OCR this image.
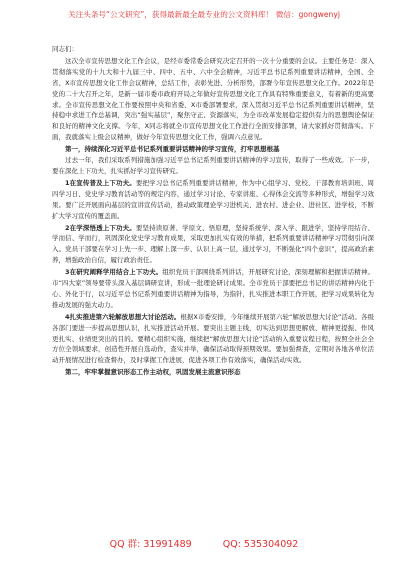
关注头条号“公文研究”，获得最新最全最专业的公文资料库！ 微信：gongwenyj

同志们：

这次全市宣传思想文化工作会议，是经市委常委会研究决定召开的一次十分重要的会议。主要任务是：深入贯彻落实党的十九大和十九届三中、四中、五中、六中全会精神，习近平总书记系列重要讲话精神，全国、全省、X市宣传思想文化工作会议精神，总结工作，表彰先进、分析形势，部署今年宣传思想文化工作。2022年是党的二十大召开之年，是新一届市委市政府开局之年做好宣传思想文化工作具有特殊重要意义，有着新的更高要求。全市宣传思想文化工作要按照中央和省委、X市委部署要求，深入贯彻习近平总书记系列重要讲话精神，坚持稳中求进工作总基调，突出“强实基层”，聚焦守正、资源落实，为全市改革发展稳定提供有力的思想舆论保证和良好的精神文化支撑。今年，X同志将就全市宣传思想文化工作进行全面安排部署，请大家抓好贯彻落实。下面，我就落实上级会议精神，做好今年宣传思想文化工作，强调六点意见。

第一，持续深化习近平总书记系列重要讲话精神的学习宣传，打牢思想根基

过去一年，我们采取系列措施加强习近平总书记系列重要讲话精神的学习宣传，取得了一些成效。下一步，要在深化上下功夫，扎实抓好学习宣传研究。

1在宣传普及上下功夫。要把学习总书记系列重要讲话精神，作为中心组学习、党校、干部教育培训班、周四学习日、党史学习教育活动等的规定内容，通过学习讨论、专家讲座、心得体会交流等多种形式，增强学习效果。要广泛开展面向基层的宣讲宣传活动，推动政策理论学习进机关、进农村、进企业、进社区、进学校，不断扩大学习宣传的覆盖面。

2在学深悟透上下功夫。要坚持读原著、学原文、悟原理，坚持系统学、深入学、跟进学，坚持学用结合、学而信、学而行，巩固深化党史学习教育成果，采取更加扎实有效的举措，把系列重要讲话精神学习贯彻引向深入。党员干部要在学习上先一步、理解上深一步、认识上高一层，通过学习，不断强化“四个意识”，提高政治素养，增强政治自信，履行政治责任。

3在研究阐释学用结合上下功夫。组织党员干部围绕系列讲话，开展研究讨论，深刻理解和把握讲话精神。市“四大家”领导要带头深入基层调研宣讲，形成一批理论研讨成果。全市党员干部要把总书记的讲话精神内化于心、外化于行，以习近平总书记系列重要讲话精神为指导，为指针，扎实推进本职工作开展，把学习成果转化为推动发展的强大动力。

4扎实推进第六轮解放思想大讨论活动。根据X市委安排，今年继续开展第六轮“解放思想大讨论”活动。各级各部门要进一步提高思想认识，扎实推进活动开展。要突出主题主线，切实达到思想更解放、精神更提振、作风更扎实、业绩更突出的目的。要精心组织实施，继续把“解放思想大讨论”活动纳入重要议程日程，按照全社会全方位全领域要求，创造性开展自选动作，查实并举，确保活动取得预期效果。要加强督查，定期对各地各单位活动开展情况进行检查督办，及时掌握工作进展，促进各项工作有效落实，确保活动实效。

第二，牢牢掌握意识形态工作主动权，巩固发展主流意识形态

QQ 群: 31991489	QQ: 535304092
